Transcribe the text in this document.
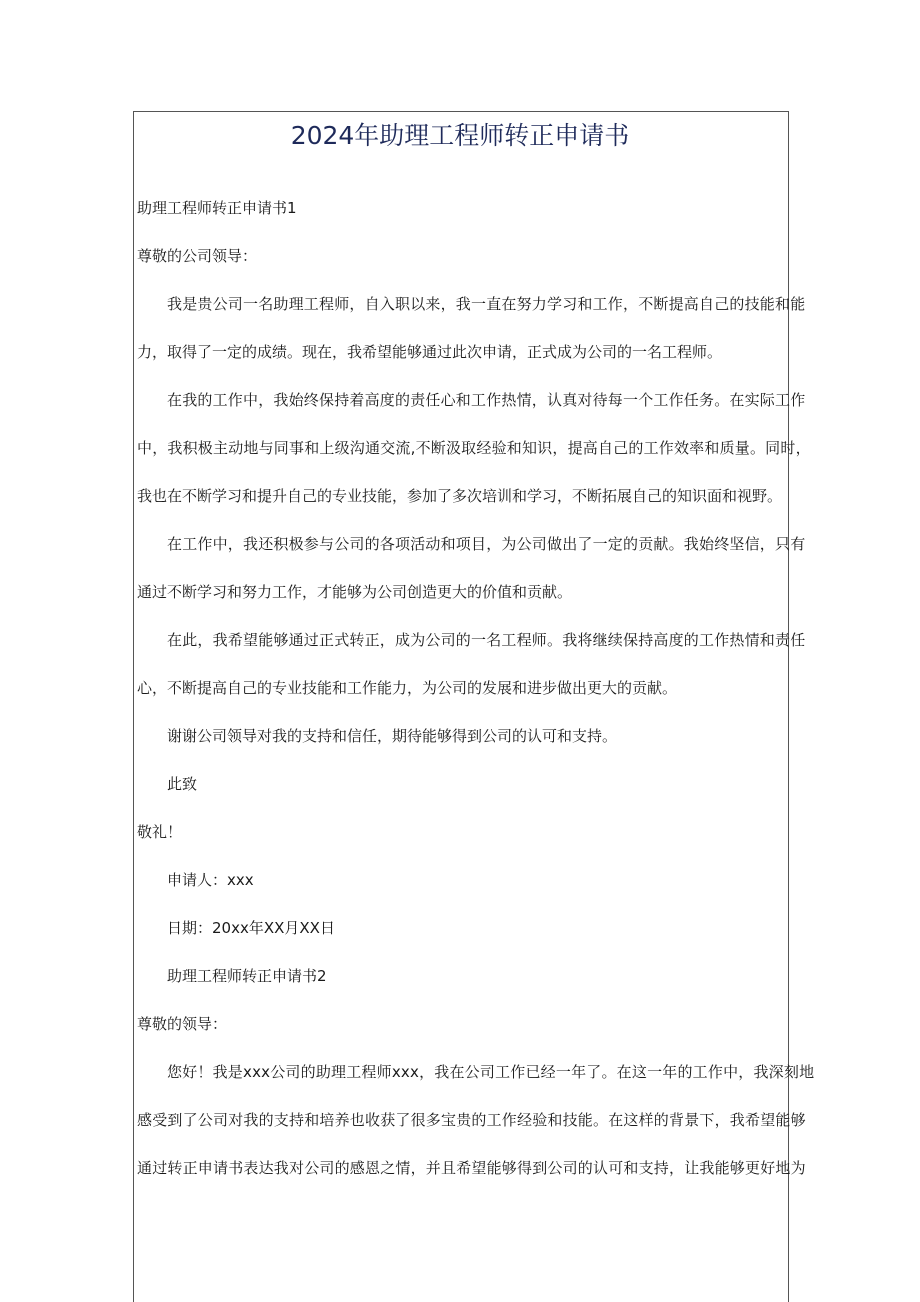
2024年助理工程师转正申请书

助理工程师转正申请书1

尊敬的公司领导：

我是贵公司一名助理工程师，自入职以来，我一直在努力学习和工作，不断提高自己的技能和能

力，取得了一定的成绩。现在，我希望能够通过此次申请，正式成为公司的一名工程师。

在我的工作中，我始终保持着高度的责任心和工作热情，认真对待每一个工作任务。在实际工作

中，我积极主动地与同事和上级沟通交流,不断汲取经验和知识，提高自己的工作效率和质量。同时，

我也在不断学习和提升自己的专业技能，参加了多次培训和学习，不断拓展自己的知识面和视野。

在工作中，我还积极参与公司的各项活动和项目，为公司做出了一定的贡献。我始终坚信，只有

通过不断学习和努力工作，才能够为公司创造更大的价值和贡献。

在此，我希望能够通过正式转正，成为公司的一名工程师。我将继续保持高度的工作热情和责任

心，不断提高自己的专业技能和工作能力，为公司的发展和进步做出更大的贡献。

谢谢公司领导对我的支持和信任，期待能够得到公司的认可和支持。

此致

敬礼！

申请人：xxx

日期：20xx年XX月XX日

助理工程师转正申请书2

尊敬的领导：

您好！我是xxx公司的助理工程师xxx，我在公司工作已经一年了。在这一年的工作中，我深刻地

感受到了公司对我的支持和培养也收获了很多宝贵的工作经验和技能。在这样的背景下，我希望能够

通过转正申请书表达我对公司的感恩之情，并且希望能够得到公司的认可和支持，让我能够更好地为
